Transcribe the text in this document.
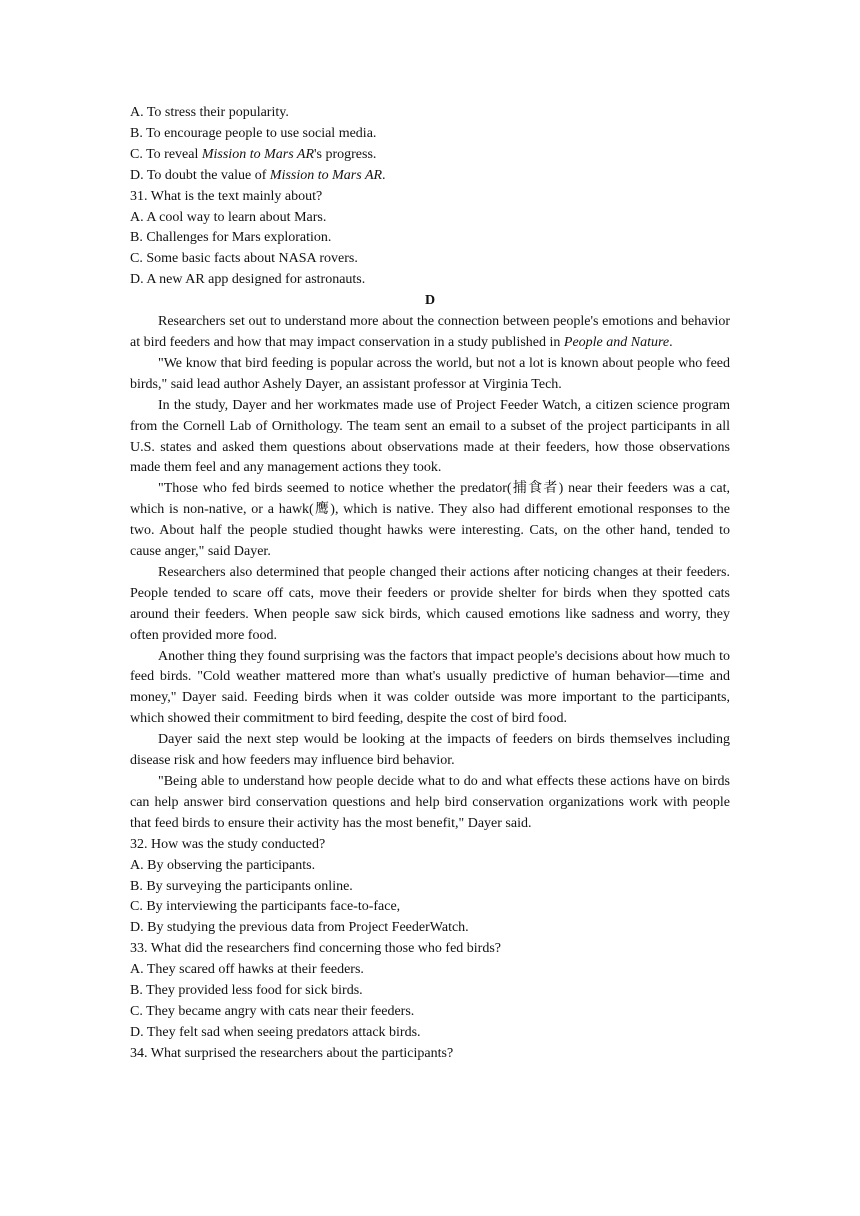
A. To stress their popularity.

B. To encourage people to use social media.

C. To reveal Mission to Mars AR's progress.

D. To doubt the value of Mission to Mars AR.

31. What is the text mainly about?

A. A cool way to learn about Mars.

B. Challenges for Mars exploration.

C. Some basic facts about NASA rovers.

D. A new AR app designed for astronauts.

D

Researchers set out to understand more about the connection between people's emotions and behavior at bird feeders and how that may impact conservation in a study published in People and Nature.

"We know that bird feeding is popular across the world, but not a lot is known about people who feed birds," said lead author Ashely Dayer, an assistant professor at Virginia Tech.

In the study, Dayer and her workmates made use of Project Feeder Watch, a citizen science program from the Cornell Lab of Ornithology. The team sent an email to a subset of the project participants in all U.S. states and asked them questions about observations made at their feeders, how those observations made them feel and any management actions they took.

"Those who fed birds seemed to notice whether the predator(捕食者) near their feeders was a cat, which is non-native, or a hawk(鹰), which is native. They also had different emotional responses to the two. About half the people studied thought hawks were interesting. Cats, on the other hand, tended to cause anger," said Dayer.

Researchers also determined that people changed their actions after noticing changes at their feeders. People tended to scare off cats, move their feeders or provide shelter for birds when they spotted cats around their feeders. When people saw sick birds, which caused emotions like sadness and worry, they often provided more food.

Another thing they found surprising was the factors that impact people's decisions about how much to feed birds. "Cold weather mattered more than what's usually predictive of human behavior—time and money," Dayer said. Feeding birds when it was colder outside was more important to the participants, which showed their commitment to bird feeding, despite the cost of bird food.

Dayer said the next step would be looking at the impacts of feeders on birds themselves including disease risk and how feeders may influence bird behavior.

"Being able to understand how people decide what to do and what effects these actions have on birds can help answer bird conservation questions and help bird conservation organizations work with people that feed birds to ensure their activity has the most benefit," Dayer said.

32. How was the study conducted?

A. By observing the participants.

B. By surveying the participants online.

C. By interviewing the participants face-to-face,

D. By studying the previous data from Project FeederWatch.

33. What did the researchers find concerning those who fed birds?

A. They scared off hawks at their feeders.

B. They provided less food for sick birds.

C. They became angry with cats near their feeders.

D. They felt sad when seeing predators attack birds.

34. What surprised the researchers about the participants?
